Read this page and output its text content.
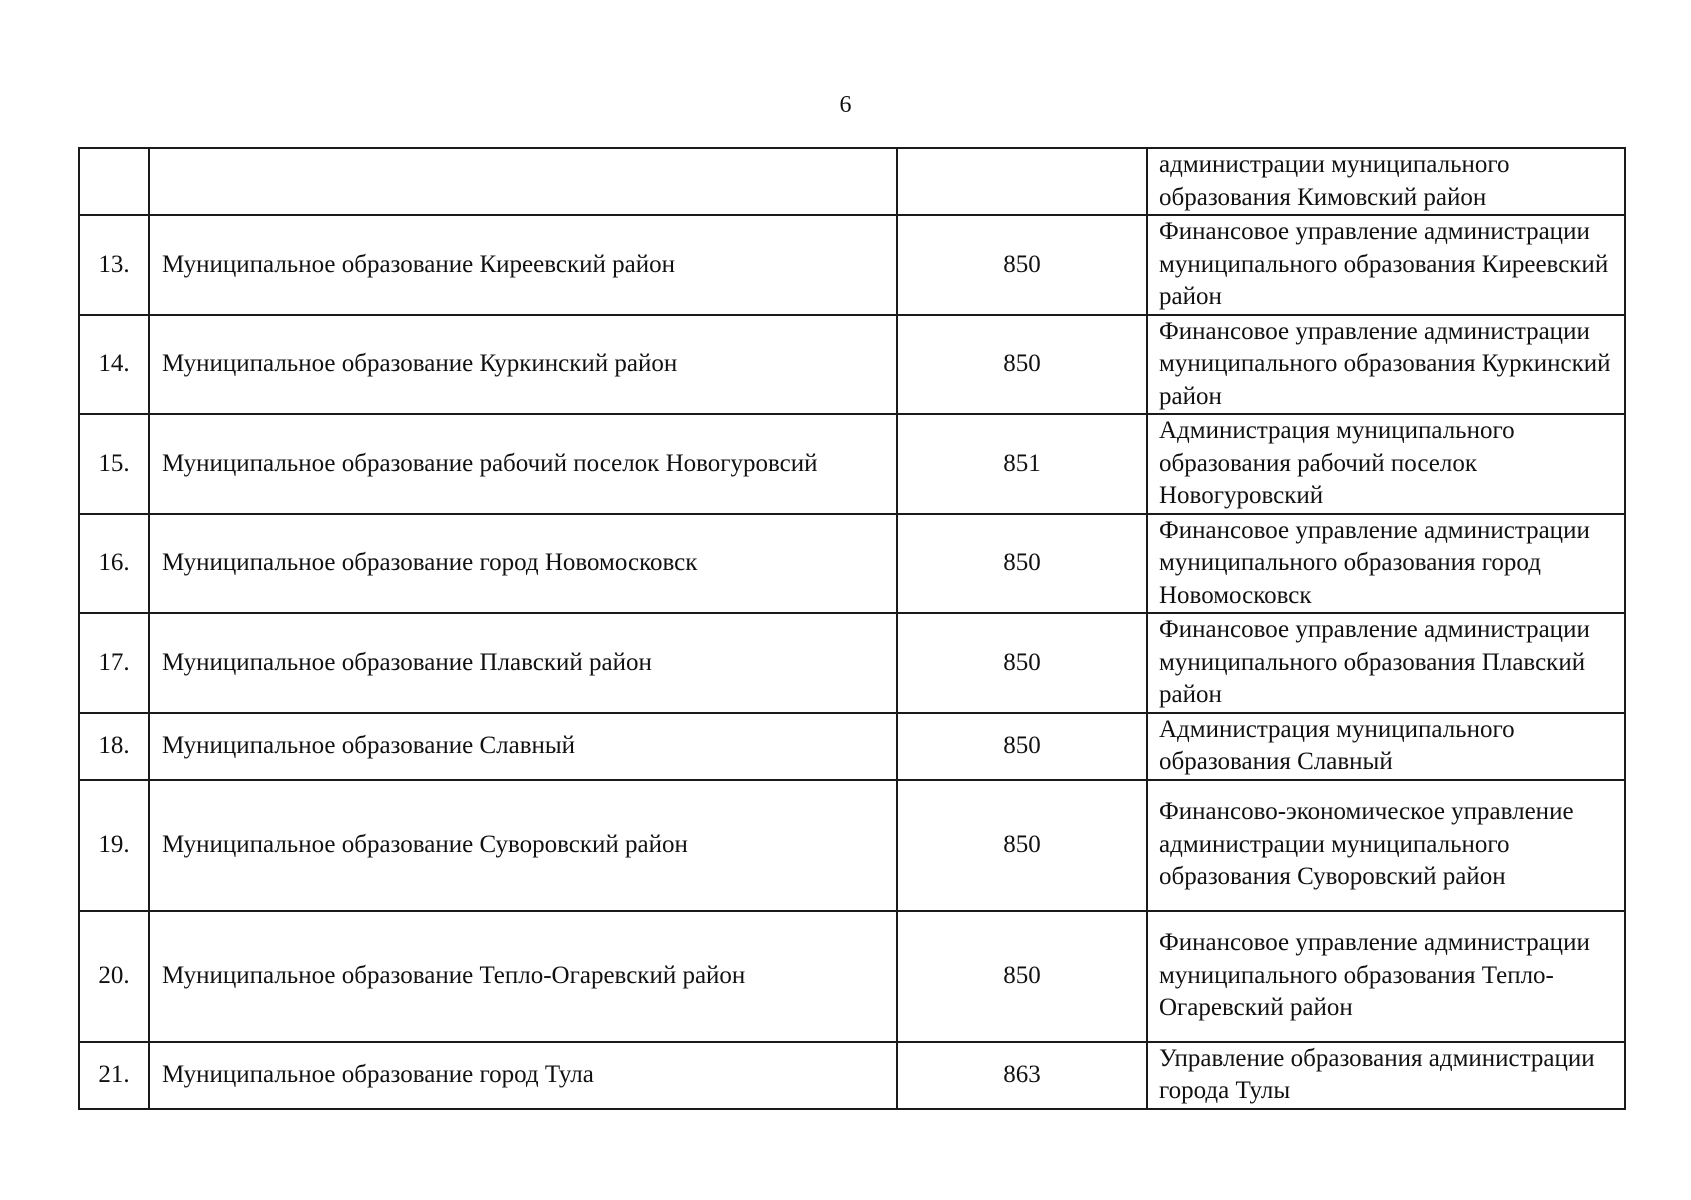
6
			администрации муниципального образования Кимовский район
13.	Муниципальное образование Киреевский район	850	Финансовое управление администрации муниципального образования Киреевский район
14.	Муниципальное образование Куркинский район	850	Финансовое управление администрации муниципального образования Куркинский район
15.	Муниципальное образование рабочий поселок Новогуровсий	851	Администрация муниципального образования рабочий поселок Новогуровский
16.	Муниципальное образование город Новомосковск	850	Финансовое управление администрации муниципального образования город Новомосковск
17.	Муниципальное образование Плавский район	850	Финансовое управление администрации муниципального образования Плавский район
18.	Муниципальное образование Славный	850	Администрация муниципального образования Славный
19.	Муниципальное образование Суворовский район	850	Финансово-экономическое управление администрации муниципального образования Суворовский район
20.	Муниципальное образование Тепло-Огаревский район	850	Финансовое управление администрации муниципального образования Тепло-Огаревский район
21.	Муниципальное образование город Тула	863	Управление образования администрации города Тулы
